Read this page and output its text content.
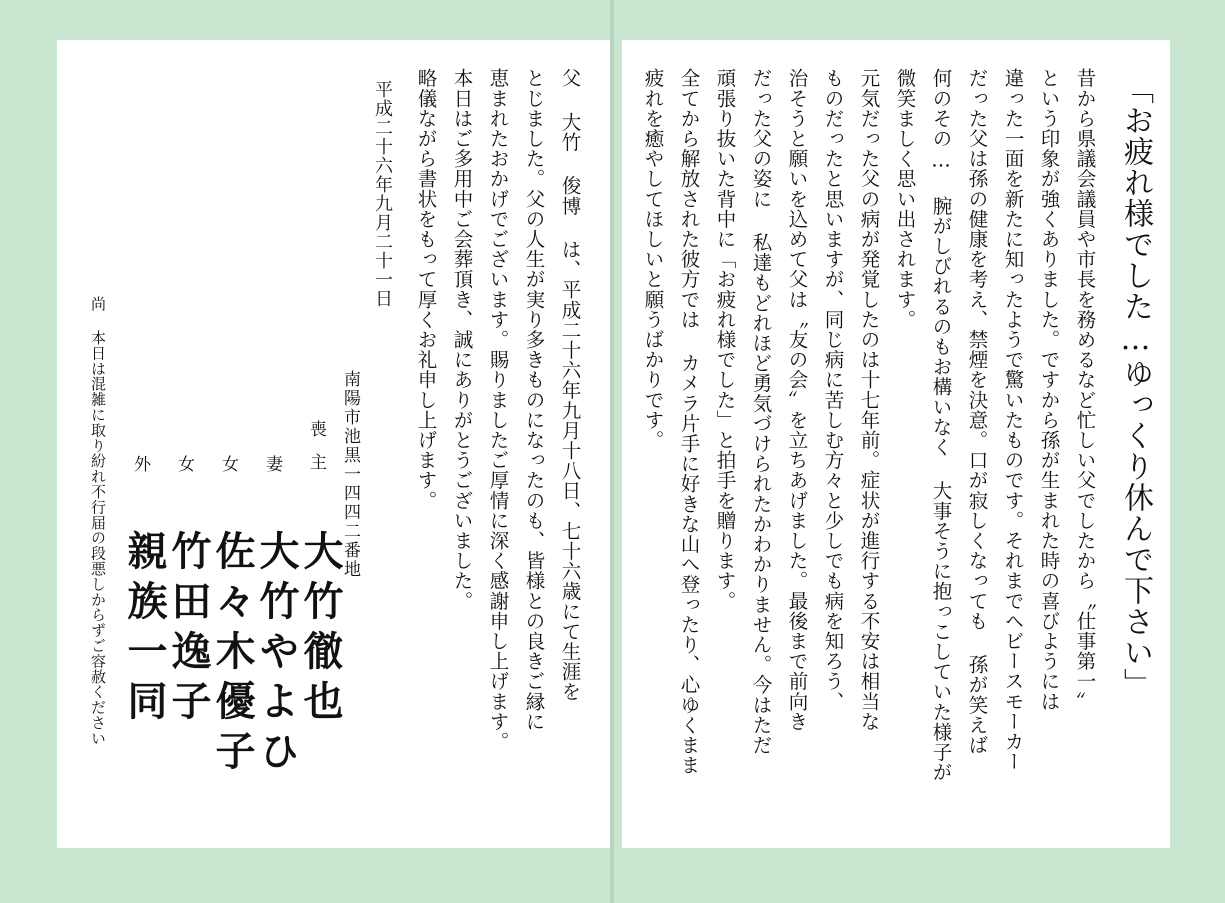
「お疲れ様でした…ゆっくり休んで下さい」
昔から県議会議員や市長を務めるなど忙しい父でしたから〝仕事第一〟
という印象が強くありました。ですから孫が生まれた時の喜びようには
違った一面を新たに知ったようで驚いたものです。それまでヘビースモーカー
だった父は孫の健康を考え、禁煙を決意。口が寂しくなっても 孫が笑えば
何のその… 腕がしびれるのもお構いなく 大事そうに抱っこしていた様子が
微笑ましく思い出されます。
元気だった父の病が発覚したのは十七年前。症状が進行する不安は相当な
ものだったと思いますが、同じ病に苦しむ方々と少しでも病を知ろう、
治そうと願いを込めて父は〝友の会〟を立ちあげました。最後まで前向き
だった父の姿に 私達もどれほど勇気づけられたかわかりません。今はただ
頑張り抜いた背中に「お疲れ様でした」と拍手を贈ります。
全てから解放された彼方では カメラ片手に好きな山へ登ったり、心ゆくまま
疲れを癒やしてほしいと願うばかりです。
父 大竹 俊博 は、平成二十六年九月十八日、七十六歳にて生涯を
とじました。父の人生が実り多きものになったのも、皆様との良きご縁に
恵まれたおかげでございます。賜りましたご厚情に深く感謝申し上げます。
本日はご多用中ご会葬頂き、誠にありがとうございました。
略儀ながら書状をもって厚くお礼申し上げます。
平成二十六年九月二十一日
南陽市池黒一四四二番地
喪主
大竹徹也
妻
大竹やよひ
女
佐々木優子
女
竹田逸子
外
親族一同
尚 本日は混雑に取り紛れ不行届の段悪しからずご容赦ください
